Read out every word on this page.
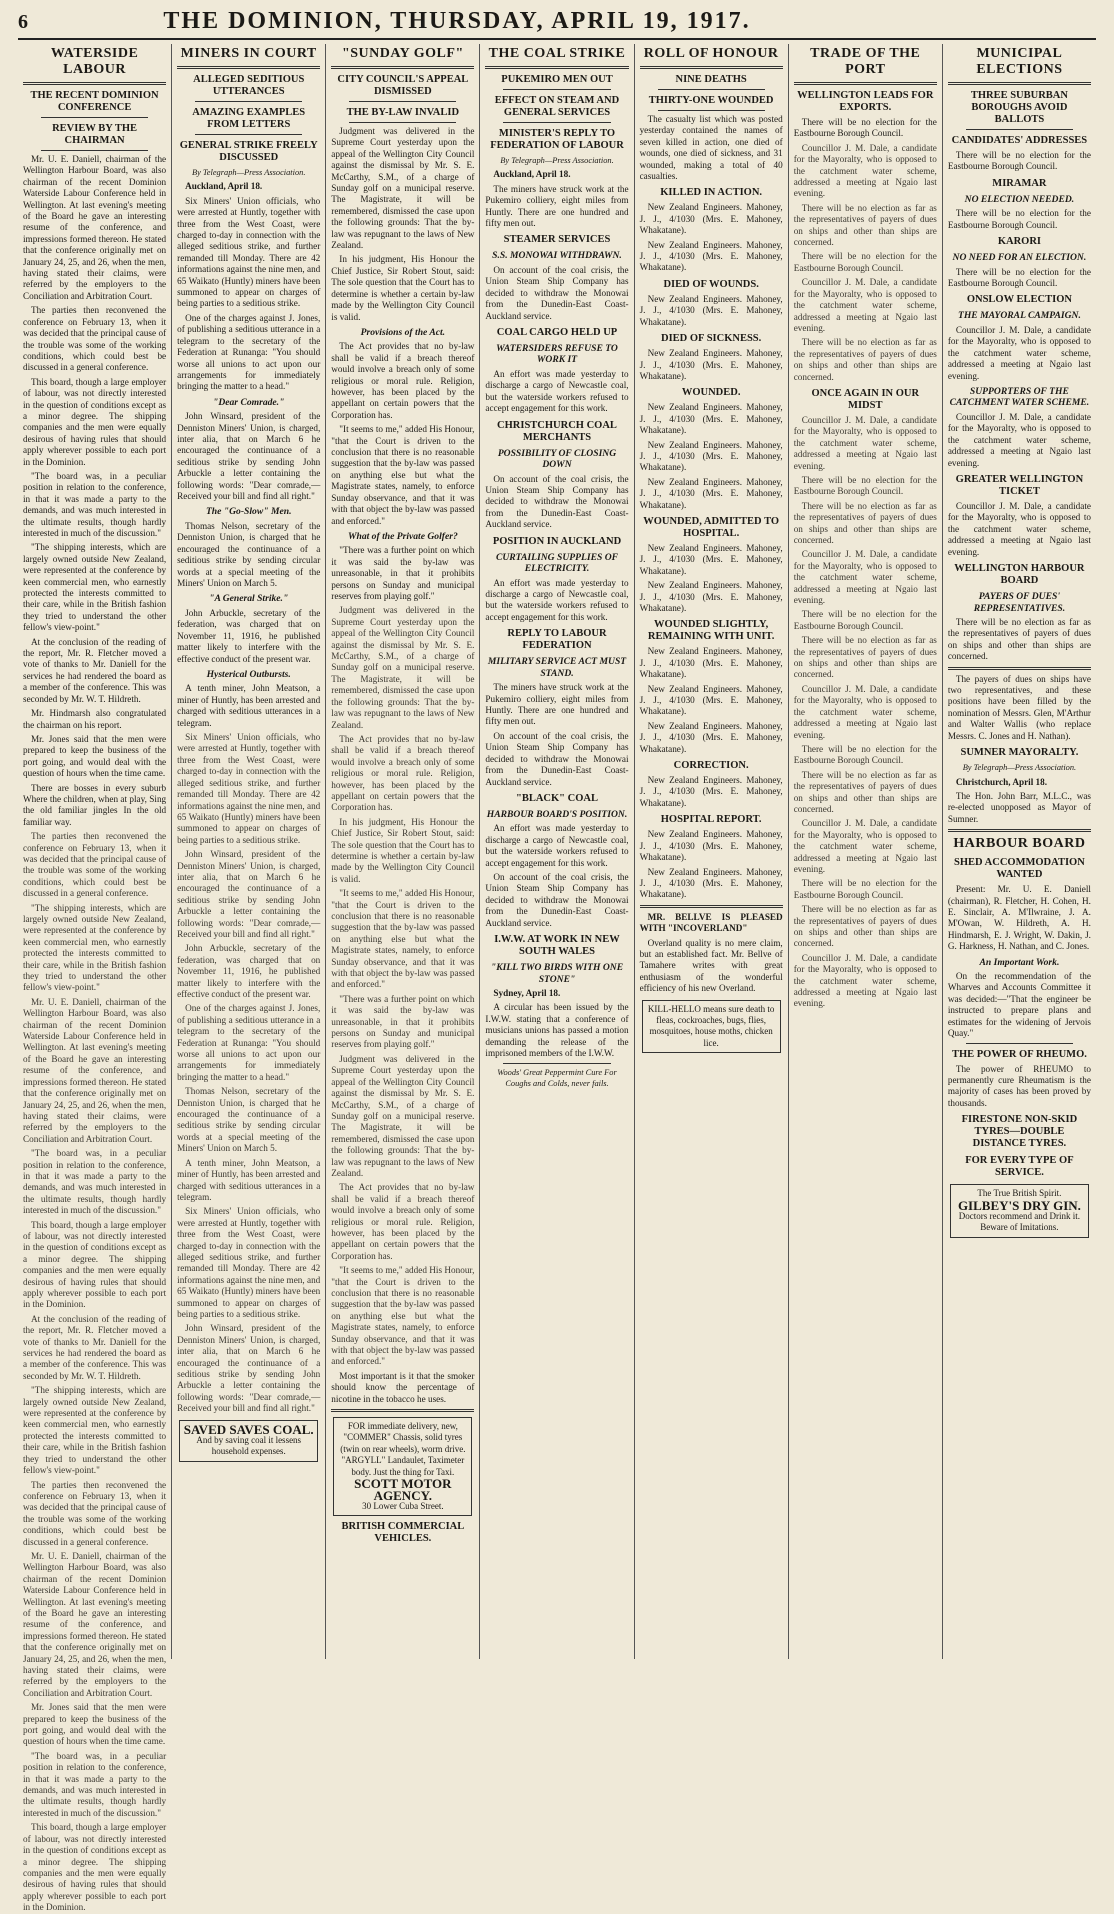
6	THE DOMINION, THURSDAY, APRIL 19, 1917.
WATERSIDE LABOUR
THE RECENT DOMINION CONFERENCE
REVIEW BY THE CHAIRMAN

Mr. U. E. Daniell, chairman of the Wellington Harbour Board, was also chairman of the recent Dominion Waterside Labour Conference held in Wellington. At last evening's meeting of the Board he gave an interesting resume of the conference, and impressions formed thereon. He stated that the conference originally met on January 24, 25, and 26, when the men, having stated their claims, were referred by the employers to the Conciliation and Arbitration Court.

The parties then reconvened the conference on February 13, when it was decided that the principal cause of the trouble was some of the working conditions, which could best be discussed in a general conference.

This board, though a large employer of labour, was not directly interested in the question of conditions except as a minor degree. The shipping companies and the men were equally desirous of having rules that should apply wherever possible to each port in the Dominion.

"The board was, in a peculiar position in relation to the conference, in that it was made a party to the demands, and was much interested in the ultimate results, though hardly interested in much of the discussion."

"The shipping interests, which are largely owned outside New Zealand, were represented at the conference by keen commercial men, who earnestly protected the interests committed to their care, while in the British fashion they tried to understand the other fellow's view-point."

At the conclusion of the reading of the report, Mr. R. Fletcher moved a vote of thanks to Mr. Daniell for the services he had rendered the board as a member of the conference. This was seconded by Mr. W. T. Hildreth.

Mr. Hindmarsh also congratulated the chairman on his report.

Mr. Jones said that the men were prepared to keep the business of the port going, and would deal with the question of hours when the time came.

There are bosses in every suburb Where the children, when at play, Sing the old familiar jingles In the old familiar way.

The parties then reconvened the conference on February 13, when it was decided that the principal cause of the trouble was some of the working conditions, which could best be discussed in a general conference.

"The shipping interests, which are largely owned outside New Zealand, were represented at the conference by keen commercial men, who earnestly protected the interests committed to their care, while in the British fashion they tried to understand the other fellow's view-point."

Mr. U. E. Daniell, chairman of the Wellington Harbour Board, was also chairman of the recent Dominion Waterside Labour Conference held in Wellington. At last evening's meeting of the Board he gave an interesting resume of the conference, and impressions formed thereon. He stated that the conference originally met on January 24, 25, and 26, when the men, having stated their claims, were referred by the employers to the Conciliation and Arbitration Court.

"The board was, in a peculiar position in relation to the conference, in that it was made a party to the demands, and was much interested in the ultimate results, though hardly interested in much of the discussion."

This board, though a large employer of labour, was not directly interested in the question of conditions except as a minor degree. The shipping companies and the men were equally desirous of having rules that should apply wherever possible to each port in the Dominion.

At the conclusion of the reading of the report, Mr. R. Fletcher moved a vote of thanks to Mr. Daniell for the services he had rendered the board as a member of the conference. This was seconded by Mr. W. T. Hildreth.

"The shipping interests, which are largely owned outside New Zealand, were represented at the conference by keen commercial men, who earnestly protected the interests committed to their care, while in the British fashion they tried to understand the other fellow's view-point."

The parties then reconvened the conference on February 13, when it was decided that the principal cause of the trouble was some of the working conditions, which could best be discussed in a general conference.

Mr. U. E. Daniell, chairman of the Wellington Harbour Board, was also chairman of the recent Dominion Waterside Labour Conference held in Wellington. At last evening's meeting of the Board he gave an interesting resume of the conference, and impressions formed thereon. He stated that the conference originally met on January 24, 25, and 26, when the men, having stated their claims, were referred by the employers to the Conciliation and Arbitration Court.

Mr. Jones said that the men were prepared to keep the business of the port going, and would deal with the question of hours when the time came.

"The board was, in a peculiar position in relation to the conference, in that it was made a party to the demands, and was much interested in the ultimate results, though hardly interested in much of the discussion."

This board, though a large employer of labour, was not directly interested in the question of conditions except as a minor degree. The shipping companies and the men were equally desirous of having rules that should apply wherever possible to each port in the Dominion.

MINERS IN COURT
ALLEGED SEDITIOUS UTTERANCES
AMAZING EXAMPLES FROM LETTERS
GENERAL STRIKE FREELY DISCUSSED

By Telegraph—Press Association.

Auckland, April 18.

Six Miners' Union officials, who were arrested at Huntly, together with three from the West Coast, were charged to-day in connection with the alleged seditious strike, and further remanded till Monday. There are 42 informations against the nine men, and 65 Waikato (Huntly) miners have been summoned to appear on charges of being parties to a seditious strike.

One of the charges against J. Jones, of publishing a seditious utterance in a telegram to the secretary of the Federation at Runanga: "You should worse all unions to act upon our arrangements for immediately bringing the matter to a head."

"Dear Comrade."

John Winsard, president of the Denniston Miners' Union, is charged, inter alia, that on March 6 he encouraged the continuance of a seditious strike by sending John Arbuckle a letter containing the following words: "Dear comrade,—Received your bill and find all right."

The "Go-Slow" Men.

Thomas Nelson, secretary of the Denniston Union, is charged that he encouraged the continuance of a seditious strike by sending circular words at a special meeting of the Miners' Union on March 5.

"A General Strike."

John Arbuckle, secretary of the federation, was charged that on November 11, 1916, he published matter likely to interfere with the effective conduct of the present war.

Hysterical Outbursts.

A tenth miner, John Meatson, a miner of Huntly, has been arrested and charged with seditious utterances in a telegram.

Six Miners' Union officials, who were arrested at Huntly, together with three from the West Coast, were charged to-day in connection with the alleged seditious strike, and further remanded till Monday. There are 42 informations against the nine men, and 65 Waikato (Huntly) miners have been summoned to appear on charges of being parties to a seditious strike.

John Winsard, president of the Denniston Miners' Union, is charged, inter alia, that on March 6 he encouraged the continuance of a seditious strike by sending John Arbuckle a letter containing the following words: "Dear comrade,—Received your bill and find all right."

John Arbuckle, secretary of the federation, was charged that on November 11, 1916, he published matter likely to interfere with the effective conduct of the present war.

One of the charges against J. Jones, of publishing a seditious utterance in a telegram to the secretary of the Federation at Runanga: "You should worse all unions to act upon our arrangements for immediately bringing the matter to a head."

Thomas Nelson, secretary of the Denniston Union, is charged that he encouraged the continuance of a seditious strike by sending circular words at a special meeting of the Miners' Union on March 5.

A tenth miner, John Meatson, a miner of Huntly, has been arrested and charged with seditious utterances in a telegram.

Six Miners' Union officials, who were arrested at Huntly, together with three from the West Coast, were charged to-day in connection with the alleged seditious strike, and further remanded till Monday. There are 42 informations against the nine men, and 65 Waikato (Huntly) miners have been summoned to appear on charges of being parties to a seditious strike.

John Winsard, president of the Denniston Miners' Union, is charged, inter alia, that on March 6 he encouraged the continuance of a seditious strike by sending John Arbuckle a letter containing the following words: "Dear comrade,—Received your bill and find all right."

SAVED SAVES COAL.
And by saving coal it lessens household expenses.
"SUNDAY GOLF"
CITY COUNCIL'S APPEAL DISMISSED
THE BY-LAW INVALID

Judgment was delivered in the Supreme Court yesterday upon the appeal of the Wellington City Council against the dismissal by Mr. S. E. McCarthy, S.M., of a charge of Sunday golf on a municipal reserve. The Magistrate, it will be remembered, dismissed the case upon the following grounds: That the by-law was repugnant to the laws of New Zealand.

In his judgment, His Honour the Chief Justice, Sir Robert Stout, said: The sole question that the Court has to determine is whether a certain by-law made by the Wellington City Council is valid.

Provisions of the Act.

The Act provides that no by-law shall be valid if a breach thereof would involve a breach only of some religious or moral rule. Religion, however, has been placed by the appellant on certain powers that the Corporation has.

"It seems to me," added His Honour, "that the Court is driven to the conclusion that there is no reasonable suggestion that the by-law was passed on anything else but what the Magistrate states, namely, to enforce Sunday observance, and that it was with that object the by-law was passed and enforced."

What of the Private Golfer?

"There was a further point on which it was said the by-law was unreasonable, in that it prohibits persons on Sunday and municipal reserves from playing golf."

Judgment was delivered in the Supreme Court yesterday upon the appeal of the Wellington City Council against the dismissal by Mr. S. E. McCarthy, S.M., of a charge of Sunday golf on a municipal reserve. The Magistrate, it will be remembered, dismissed the case upon the following grounds: That the by-law was repugnant to the laws of New Zealand.

The Act provides that no by-law shall be valid if a breach thereof would involve a breach only of some religious or moral rule. Religion, however, has been placed by the appellant on certain powers that the Corporation has.

In his judgment, His Honour the Chief Justice, Sir Robert Stout, said: The sole question that the Court has to determine is whether a certain by-law made by the Wellington City Council is valid.

"It seems to me," added His Honour, "that the Court is driven to the conclusion that there is no reasonable suggestion that the by-law was passed on anything else but what the Magistrate states, namely, to enforce Sunday observance, and that it was with that object the by-law was passed and enforced."

"There was a further point on which it was said the by-law was unreasonable, in that it prohibits persons on Sunday and municipal reserves from playing golf."

Judgment was delivered in the Supreme Court yesterday upon the appeal of the Wellington City Council against the dismissal by Mr. S. E. McCarthy, S.M., of a charge of Sunday golf on a municipal reserve. The Magistrate, it will be remembered, dismissed the case upon the following grounds: That the by-law was repugnant to the laws of New Zealand.

The Act provides that no by-law shall be valid if a breach thereof would involve a breach only of some religious or moral rule. Religion, however, has been placed by the appellant on certain powers that the Corporation has.

"It seems to me," added His Honour, "that the Court is driven to the conclusion that there is no reasonable suggestion that the by-law was passed on anything else but what the Magistrate states, namely, to enforce Sunday observance, and that it was with that object the by-law was passed and enforced."

Most important is it that the smoker should know the percentage of nicotine in the tobacco he uses.

FOR immediate delivery, new, "COMMER" Chassis, solid tyres (twin on rear wheels), worm drive. "ARGYLL" Landaulet, Taximeter body. Just the thing for Taxi.
SCOTT MOTOR AGENCY.
30 Lower Cuba Street.
BRITISH COMMERCIAL VEHICLES.
THE COAL STRIKE
PUKEMIRO MEN OUT
EFFECT ON STEAM AND GENERAL SERVICES
MINISTER'S REPLY TO FEDERATION OF LABOUR

By Telegraph—Press Association.

Auckland, April 18.

The miners have struck work at the Pukemiro colliery, eight miles from Huntly. There are one hundred and fifty men out.

STEAMER SERVICES
S.S. MONOWAI WITHDRAWN.

On account of the coal crisis, the Union Steam Ship Company has decided to withdraw the Monowai from the Dunedin-East Coast-Auckland service.

COAL CARGO HELD UP
WATERSIDERS REFUSE TO WORK IT

An effort was made yesterday to discharge a cargo of Newcastle coal, but the waterside workers refused to accept engagement for this work.

CHRISTCHURCH COAL MERCHANTS
POSSIBILITY OF CLOSING DOWN

On account of the coal crisis, the Union Steam Ship Company has decided to withdraw the Monowai from the Dunedin-East Coast-Auckland service.

POSITION IN AUCKLAND
CURTAILING SUPPLIES OF ELECTRICITY.

An effort was made yesterday to discharge a cargo of Newcastle coal, but the waterside workers refused to accept engagement for this work.

REPLY TO LABOUR FEDERATION
MILITARY SERVICE ACT MUST STAND.

The miners have struck work at the Pukemiro colliery, eight miles from Huntly. There are one hundred and fifty men out.

On account of the coal crisis, the Union Steam Ship Company has decided to withdraw the Monowai from the Dunedin-East Coast-Auckland service.

"BLACK" COAL
HARBOUR BOARD'S POSITION.

An effort was made yesterday to discharge a cargo of Newcastle coal, but the waterside workers refused to accept engagement for this work.

On account of the coal crisis, the Union Steam Ship Company has decided to withdraw the Monowai from the Dunedin-East Coast-Auckland service.

I.W.W. AT WORK IN NEW SOUTH WALES
"KILL TWO BIRDS WITH ONE STONE"

Sydney, April 18.

A circular has been issued by the I.W.W. stating that a conference of musicians unions has passed a motion demanding the release of the imprisoned members of the I.W.W.

Woods' Great Peppermint Cure For Coughs and Colds, never fails.

ROLL OF HONOUR
NINE DEATHS
THIRTY-ONE WOUNDED

The casualty list which was posted yesterday contained the names of seven killed in action, one died of wounds, one died of sickness, and 31 wounded, making a total of 40 casualties.

KILLED IN ACTION.

New Zealand Engineers. Mahoney, J. J., 4/1030 (Mrs. E. Mahoney, Whakatane).

New Zealand Engineers. Mahoney, J. J., 4/1030 (Mrs. E. Mahoney, Whakatane).

DIED OF WOUNDS.

New Zealand Engineers. Mahoney, J. J., 4/1030 (Mrs. E. Mahoney, Whakatane).

DIED OF SICKNESS.

New Zealand Engineers. Mahoney, J. J., 4/1030 (Mrs. E. Mahoney, Whakatane).

WOUNDED.

New Zealand Engineers. Mahoney, J. J., 4/1030 (Mrs. E. Mahoney, Whakatane).

New Zealand Engineers. Mahoney, J. J., 4/1030 (Mrs. E. Mahoney, Whakatane).

New Zealand Engineers. Mahoney, J. J., 4/1030 (Mrs. E. Mahoney, Whakatane).

WOUNDED, ADMITTED TO HOSPITAL.

New Zealand Engineers. Mahoney, J. J., 4/1030 (Mrs. E. Mahoney, Whakatane).

New Zealand Engineers. Mahoney, J. J., 4/1030 (Mrs. E. Mahoney, Whakatane).

WOUNDED SLIGHTLY, REMAINING WITH UNIT.

New Zealand Engineers. Mahoney, J. J., 4/1030 (Mrs. E. Mahoney, Whakatane).

New Zealand Engineers. Mahoney, J. J., 4/1030 (Mrs. E. Mahoney, Whakatane).

New Zealand Engineers. Mahoney, J. J., 4/1030 (Mrs. E. Mahoney, Whakatane).

CORRECTION.

New Zealand Engineers. Mahoney, J. J., 4/1030 (Mrs. E. Mahoney, Whakatane).

HOSPITAL REPORT.

New Zealand Engineers. Mahoney, J. J., 4/1030 (Mrs. E. Mahoney, Whakatane).

New Zealand Engineers. Mahoney, J. J., 4/1030 (Mrs. E. Mahoney, Whakatane).

MR. BELLVE IS PLEASED WITH "INCOVERLAND"

Overland quality is no mere claim, but an established fact. Mr. Bellve of Tamahere writes with great enthusiasm of the wonderful efficiency of his new Overland.

KILL-HELLO means sure death to fleas, cockroaches, bugs, flies, mosquitoes, house moths, chicken lice.
TRADE OF THE PORT
WELLINGTON LEADS FOR EXPORTS.

There will be no election for the Eastbourne Borough Council.

Councillor J. M. Dale, a candidate for the Mayoralty, who is opposed to the catchment water scheme, addressed a meeting at Ngaio last evening.

There will be no election as far as the representatives of payers of dues on ships and other than ships are concerned.

There will be no election for the Eastbourne Borough Council.

Councillor J. M. Dale, a candidate for the Mayoralty, who is opposed to the catchment water scheme, addressed a meeting at Ngaio last evening.

There will be no election as far as the representatives of payers of dues on ships and other than ships are concerned.

ONCE AGAIN IN OUR MIDST

Councillor J. M. Dale, a candidate for the Mayoralty, who is opposed to the catchment water scheme, addressed a meeting at Ngaio last evening.

There will be no election for the Eastbourne Borough Council.

There will be no election as far as the representatives of payers of dues on ships and other than ships are concerned.

Councillor J. M. Dale, a candidate for the Mayoralty, who is opposed to the catchment water scheme, addressed a meeting at Ngaio last evening.

There will be no election for the Eastbourne Borough Council.

There will be no election as far as the representatives of payers of dues on ships and other than ships are concerned.

Councillor J. M. Dale, a candidate for the Mayoralty, who is opposed to the catchment water scheme, addressed a meeting at Ngaio last evening.

There will be no election for the Eastbourne Borough Council.

There will be no election as far as the representatives of payers of dues on ships and other than ships are concerned.

Councillor J. M. Dale, a candidate for the Mayoralty, who is opposed to the catchment water scheme, addressed a meeting at Ngaio last evening.

There will be no election for the Eastbourne Borough Council.

There will be no election as far as the representatives of payers of dues on ships and other than ships are concerned.

Councillor J. M. Dale, a candidate for the Mayoralty, who is opposed to the catchment water scheme, addressed a meeting at Ngaio last evening.

MUNICIPAL ELECTIONS
THREE SUBURBAN BOROUGHS AVOID BALLOTS
CANDIDATES' ADDRESSES

There will be no election for the Eastbourne Borough Council.

MIRAMAR
NO ELECTION NEEDED.

There will be no election for the Eastbourne Borough Council.

KARORI
NO NEED FOR AN ELECTION.

There will be no election for the Eastbourne Borough Council.

ONSLOW ELECTION
THE MAYORAL CAMPAIGN.

Councillor J. M. Dale, a candidate for the Mayoralty, who is opposed to the catchment water scheme, addressed a meeting at Ngaio last evening.

SUPPORTERS OF THE CATCHMENT WATER SCHEME.

Councillor J. M. Dale, a candidate for the Mayoralty, who is opposed to the catchment water scheme, addressed a meeting at Ngaio last evening.

GREATER WELLINGTON TICKET

Councillor J. M. Dale, a candidate for the Mayoralty, who is opposed to the catchment water scheme, addressed a meeting at Ngaio last evening.

WELLINGTON HARBOUR BOARD
PAYERS OF DUES' REPRESENTATIVES.

There will be no election as far as the representatives of payers of dues on ships and other than ships are concerned.

The payers of dues on ships have two representatives, and these positions have been filled by the nomination of Messrs. Glen, M'Arthur and Walter Wallis (who replace Messrs. C. Jones and H. Nathan).

SUMNER MAYORALTY.

By Telegraph—Press Association.

Christchurch, April 18.

The Hon. John Barr, M.L.C., was re-elected unopposed as Mayor of Sumner.

HARBOUR BOARD
SHED ACCOMMODATION WANTED

Present: Mr. U. E. Daniell (chairman), R. Fletcher, H. Cohen, H. E. Sinclair, A. M'Ilwraine, J. A. M'Owan, W. Hildreth, A. H. Hindmarsh, E. J. Wright, W. Dakin, J. G. Harkness, H. Nathan, and C. Jones.

An Important Work.

On the recommendation of the Wharves and Accounts Committee it was decided:—"That the engineer be instructed to prepare plans and estimates for the widening of Jervois Quay."

THE POWER OF RHEUMO.

The power of RHEUMO to permanently cure Rheumatism is the majority of cases has been proved by thousands.

FIRESTONE NON-SKID TYRES—DOUBLE DISTANCE TYRES.
FOR EVERY TYPE OF SERVICE.
The True British Spirit.
GILBEY'S DRY GIN.
Doctors recommend and Drink it. Beware of Imitations.
